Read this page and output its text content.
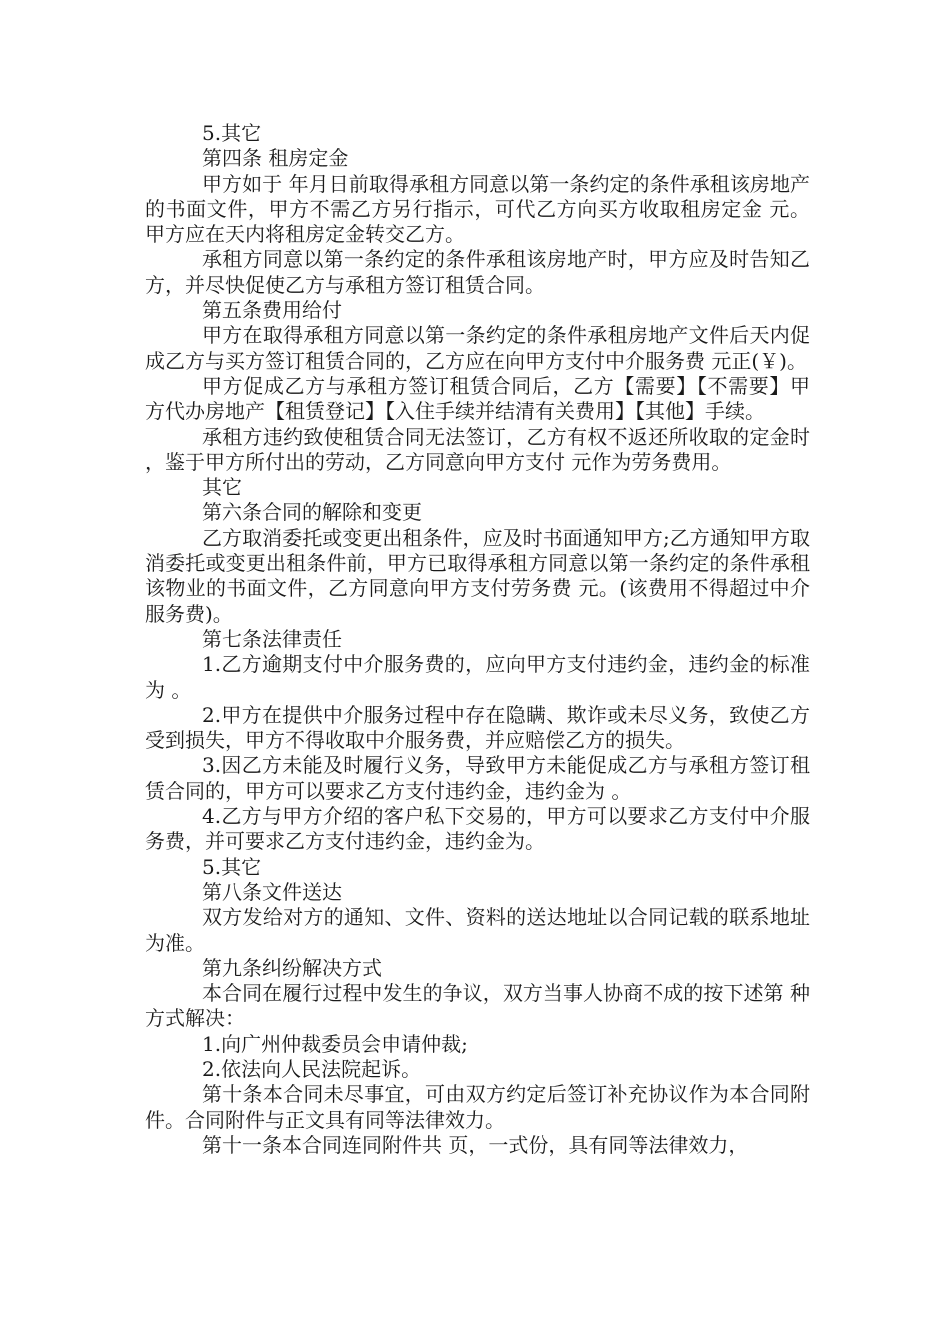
5.其它

第四条 租房定金

甲方如于 年月日前取得承租方同意以第一条约定的条件承租该房地产的书面文件，甲方不需乙方另行指示，可代乙方向买方收取租房定金 元。甲方应在天内将租房定金转交乙方。

承租方同意以第一条约定的条件承租该房地产时，甲方应及时告知乙方，并尽快促使乙方与承租方签订租赁合同。

第五条费用给付

甲方在取得承租方同意以第一条约定的条件承租房地产文件后天内促成乙方与买方签订租赁合同的，乙方应在向甲方支付中介服务费 元正(￥)。

甲方促成乙方与承租方签订租赁合同后，乙方【需要】【不需要】甲方代办房地产【租赁登记】【入住手续并结清有关费用】【其他】手续。

承租方违约致使租赁合同无法签订，乙方有权不返还所收取的定金时，鉴于甲方所付出的劳动，乙方同意向甲方支付 元作为劳务费用。

其它

第六条合同的解除和变更

乙方取消委托或变更出租条件，应及时书面通知甲方;乙方通知甲方取消委托或变更出租条件前，甲方已取得承租方同意以第一条约定的条件承租该物业的书面文件，乙方同意向甲方支付劳务费 元。(该费用不得超过中介服务费)。

第七条法律责任

1.乙方逾期支付中介服务费的，应向甲方支付违约金，违约金的标准为 。

2.甲方在提供中介服务过程中存在隐瞒、欺诈或未尽义务，致使乙方受到损失，甲方不得收取中介服务费，并应赔偿乙方的损失。

3.因乙方未能及时履行义务，导致甲方未能促成乙方与承租方签订租赁合同的，甲方可以要求乙方支付违约金，违约金为 。

4.乙方与甲方介绍的客户私下交易的，甲方可以要求乙方支付中介服务费，并可要求乙方支付违约金，违约金为。

5.其它

第八条文件送达

双方发给对方的通知、文件、资料的送达地址以合同记载的联系地址为准。

第九条纠纷解决方式

本合同在履行过程中发生的争议，双方当事人协商不成的按下述第 种方式解决：

1.向广州仲裁委员会申请仲裁;

2.依法向人民法院起诉。

第十条本合同未尽事宜，可由双方约定后签订补充协议作为本合同附件。合同附件与正文具有同等法律效力。

第十一条本合同连同附件共 页，一式份，具有同等法律效力，
